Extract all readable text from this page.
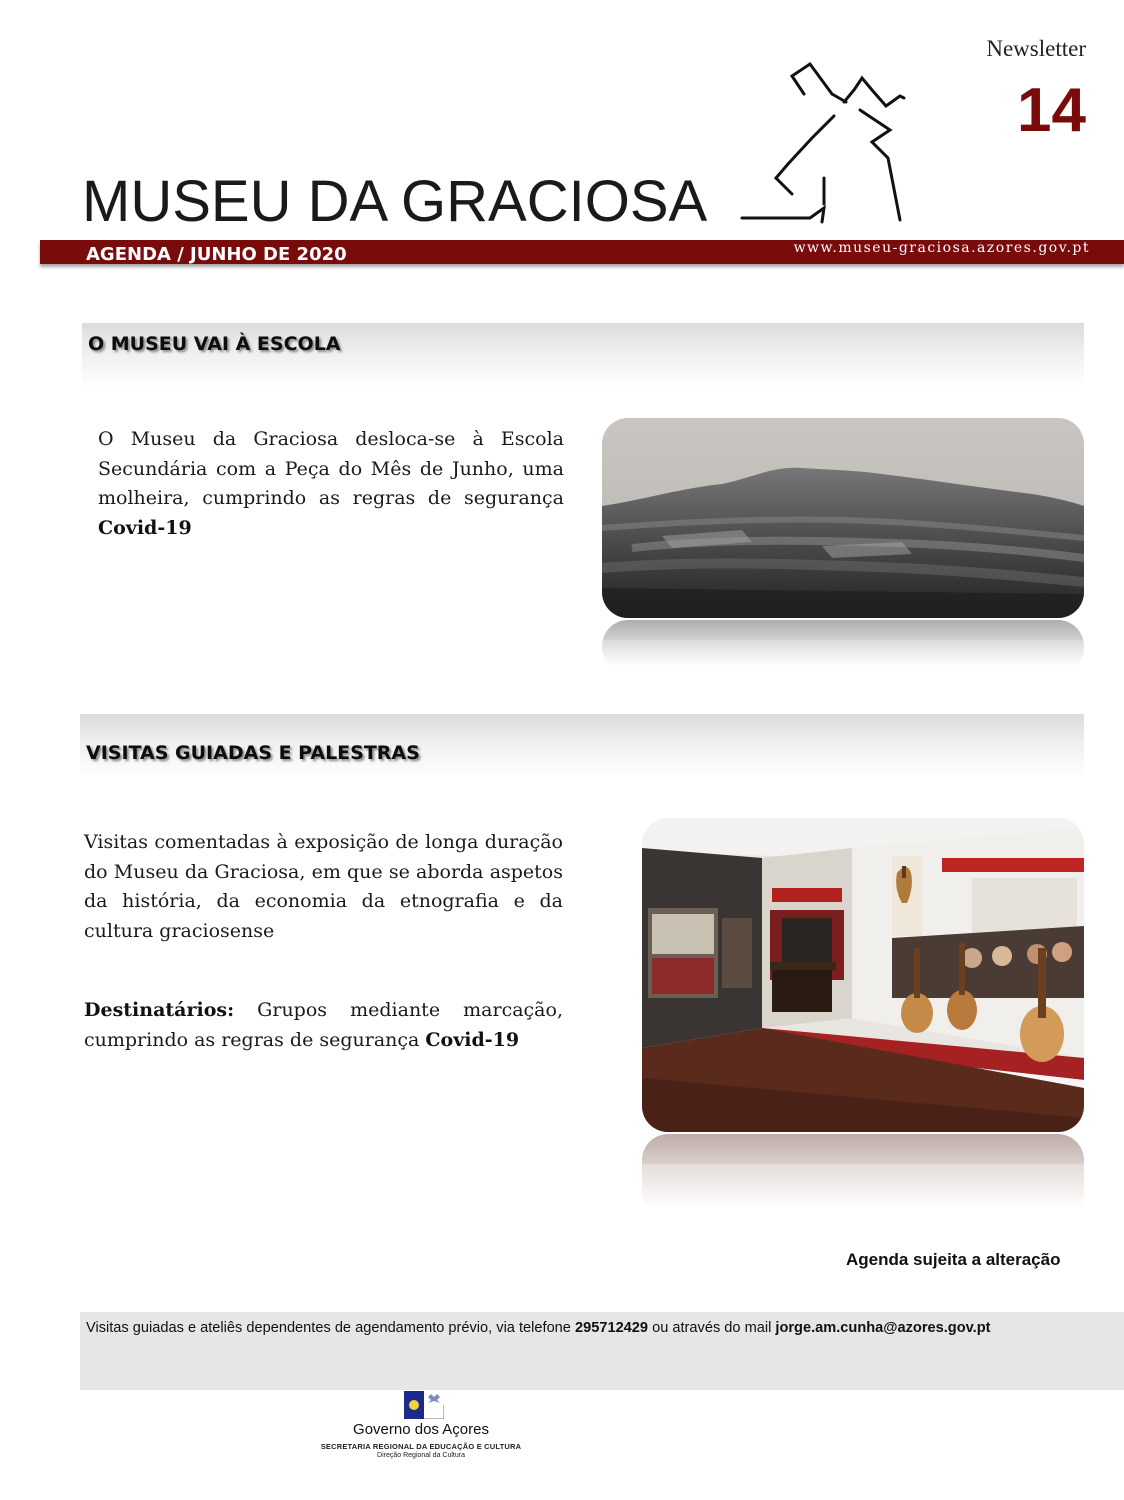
Newsletter
14
MUSEU DA GRACIOSA
AGENDA / JUNHO DE 2020	www.museu-graciosa.azores.gov.pt
O MUSEU VAI À ESCOLA
O Museu da Graciosa desloca-se à Escola Secundária com a Peça do Mês de Junho, uma molheira, cumprindo as regras de segurança Covid-19
VISITAS GUIADAS E PALESTRAS
Visitas comentadas à exposição de longa duração do Museu da Graciosa, em que se aborda aspetos da história, da economia da etnografia e da cultura graciosense
Destinatários: Grupos mediante marcação, cumprindo as regras de segurança Covid-19
Agenda sujeita a alteração
Visitas guiadas e ateliês dependentes de agendamento prévio, via telefone 295712429 ou através do mail jorge.am.cunha@azores.gov.pt
Governo dos Açores
SECRETARIA REGIONAL DA EDUCAÇÃO E CULTURA
Direção Regional da Cultura
